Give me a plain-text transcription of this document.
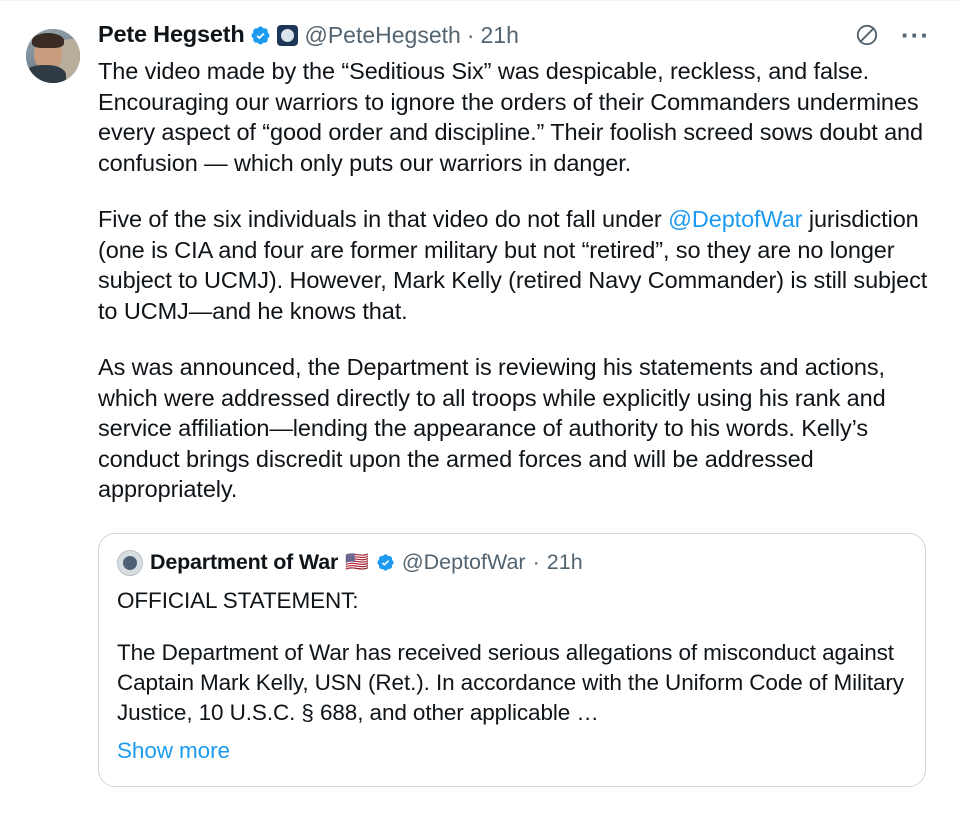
Pete Hegseth	@PeteHegseth · 21h	···

The video made by the “Seditious Six” was despicable, reckless, and false. Encouraging our warriors to ignore the orders of their Commanders undermines every aspect of “good order and discipline.” Their foolish screed sows doubt and confusion — which only puts our warriors in danger.

Five of the six individuals in that video do not fall under @DeptofWar jurisdiction (one is CIA and four are former military but not “retired”, so they are no longer subject to UCMJ). However, Mark Kelly (retired Navy Commander) is still subject to UCMJ—and he knows that.

As was announced, the Department is reviewing his statements and actions, which were addressed directly to all troops while explicitly using his rank and service affiliation—lending the appearance of authority to his words. Kelly’s conduct brings discredit upon the armed forces and will be addressed appropriately.

Department of War 🇺🇸 @DeptofWar · 21h

OFFICIAL STATEMENT:

The Department of War has received serious allegations of misconduct against Captain Mark Kelly, USN (Ret.). In accordance with the Uniform Code of Military Justice, 10 U.S.C. § 688, and other applicable …

Show more
